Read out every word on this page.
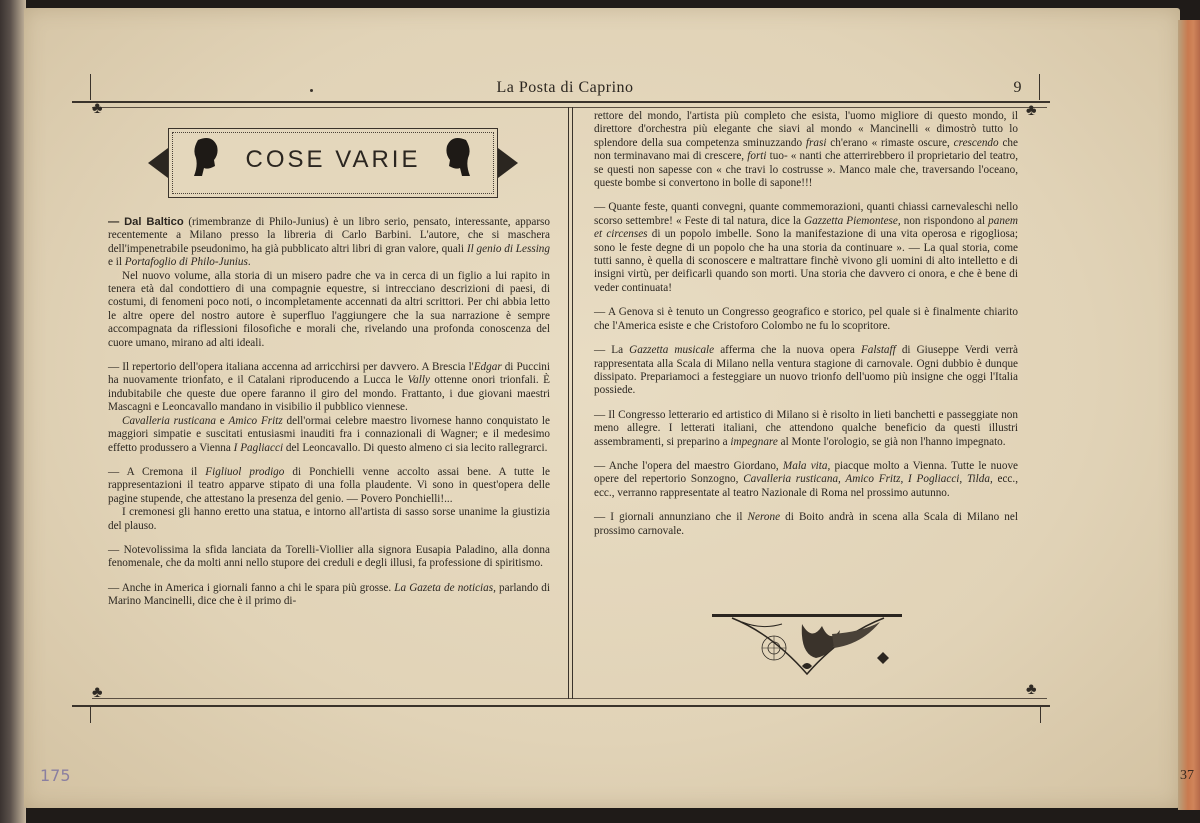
La Posta di Caprino	9
♣	♣
♣	♣
COSE VARIE

— Dal Baltico (rimembranze di Philo-Junius) è un libro serio, pensato, interessante, apparso recentemente a Milano presso la libreria di Carlo Barbini. L'autore, che si maschera dell'impenetrabile pseudonimo, ha già pubblicato altri libri di gran valore, quali Il genio di Lessing e il Portafoglio di Philo-Junius.

Nel nuovo volume, alla storia di un misero padre che va in cerca di un figlio a lui rapito in tenera età dal condottiero di una compagnie equestre, si intrecciano descrizioni di paesi, di costumi, di fenomeni poco noti, o incompletamente accennati da altri scrittori. Per chi abbia letto le altre opere del nostro autore è superfluo l'aggiungere che la sua narrazione è sempre accompagnata da riflessioni filosofiche e morali che, rivelando una profonda conoscenza del cuore umano, mirano ad alti ideali.

— Il repertorio dell'opera italiana accenna ad arricchirsi per davvero. A Brescia l'Edgar di Puccini ha nuovamente trionfato, e il Catalani riproducendo a Lucca le Vally ottenne onori trionfali. È indubitabile che queste due opere faranno il giro del mondo. Frattanto, i due giovani maestri Mascagni e Leoncavallo mandano in visibilio il pubblico viennese.

Cavalleria rusticana e Amico Fritz dell'ormai celebre maestro livornese hanno conquistato le maggiori simpatie e suscitati entusiasmi inauditi fra i connazionali di Wagner; e il medesimo effetto produssero a Vienna I Pagliacci del Leoncavallo. Di questo almeno ci sia lecito rallegrarci.

— A Cremona il Figliuol prodigo di Ponchielli venne accolto assai bene. A tutte le rappresentazioni il teatro apparve stipato di una folla plaudente. Vi sono in quest'opera delle pagine stupende, che attestano la presenza del genio. — Povero Ponchielli!...

I cremonesi gli hanno eretto una statua, e intorno all'artista di sasso sorse unanime la giustizia del plauso.

— Notevolissima la sfida lanciata da Torelli-Viollier alla signora Eusapia Paladino, alla donna fenomenale, che da molti anni nello stupore dei creduli e degli illusi, fa professione di spiritismo.

— Anche in America i giornali fanno a chi le spara più grosse. La Gazeta de noticias, parlando di Marino Mancinelli, dice che è il primo di-

rettore del mondo, l'artista più completo che esista, l'uomo migliore di questo mondo, il direttore d'orchestra più elegante che siavi al mondo « Mancinelli « dimostrò tutto lo splendore della sua competenza sminuzzando frasi ch'erano « rimaste oscure, crescendo che non terminavano mai di crescere, forti tuo- « nanti che atterrirebbero il proprietario del teatro, se questi non sapesse con « che travi lo costrusse ». Manco male che, traversando l'oceano, queste bombe si convertono in bolle di sapone!!!

— Quante feste, quanti convegni, quante commemorazioni, quanti chiassi carnevaleschi nello scorso settembre! « Feste di tal natura, dice la Gazzetta Piemontese, non rispondono al panem et circenses di un popolo imbelle. Sono la manifestazione di una vita operosa e rigogliosa; sono le feste degne di un popolo che ha una storia da continuare ». — La qual storia, come tutti sanno, è quella di sconoscere e maltrattare finchè vivono gli uomini di alto intelletto e di insigni virtù, per deificarli quando son morti. Una storia che davvero ci onora, e che è bene di veder continuata!

— A Genova si è tenuto un Congresso geografico e storico, pel quale si è finalmente chiarito che l'America esiste e che Cristoforo Colombo ne fu lo scopritore.

— La Gazzetta musicale afferma che la nuova opera Falstaff di Giuseppe Verdi verrà rappresentata alla Scala di Milano nella ventura stagione di carnovale. Ogni dubbio è dunque dissipato. Prepariamoci a festeggiare un nuovo trionfo dell'uomo più insigne che oggi l'Italia possiede.

— Il Congresso letterario ed artistico di Milano si è risolto in lieti banchetti e passeggiate non meno allegre. I letterati italiani, che attendono qualche beneficio da questi illustri assembramenti, si preparino a impegnare al Monte l'orologio, se già non l'hanno impegnato.

— Anche l'opera del maestro Giordano, Mala vita, piacque molto a Vienna. Tutte le nuove opere del repertorio Sonzogno, Cavalleria rusticana, Amico Fritz, I Pogliacci, Tilda, ecc., ecc., verranno rappresentate al teatro Nazionale di Roma nel prossimo autunno.

— I giornali annunziano che il Nerone di Boito andrà in scena alla Scala di Milano nel prossimo carnovale.

175	37
